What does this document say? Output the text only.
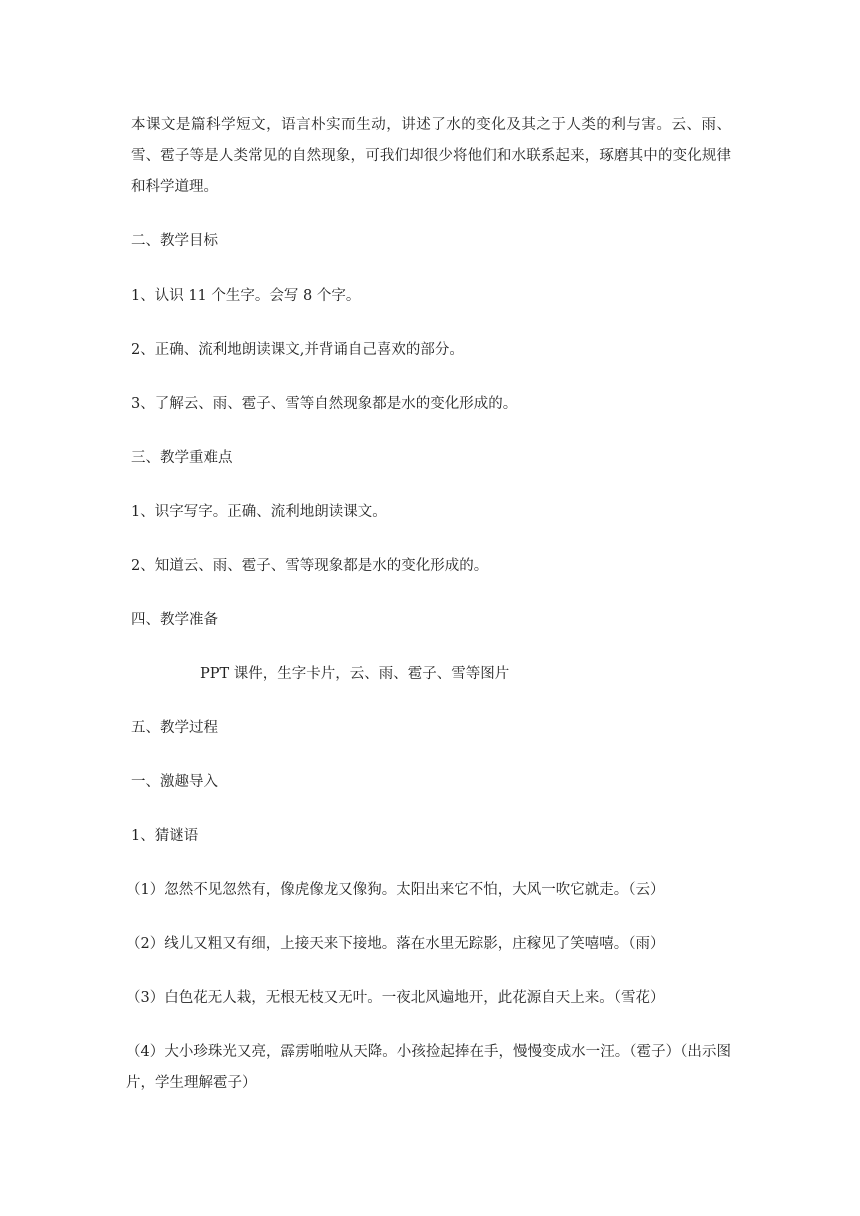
本课文是篇科学短文，语言朴实而生动，讲述了水的变化及其之于人类的利与害。云、雨、雪、雹子等是人类常见的自然现象，可我们却很少将他们和水联系起来，琢磨其中的变化规律和科学道理。
二、教学目标
1、认识 11 个生字。会写 8 个字。
2、正确、流利地朗读课文,并背诵自己喜欢的部分。
3、了解云、雨、雹子、雪等自然现象都是水的变化形成的。
三、教学重难点
1、识字写字。正确、流利地朗读课文。
2、知道云、雨、雹子、雪等现象都是水的变化形成的。
四、教学准备
PPT 课件，生字卡片，云、雨、雹子、雪等图片
五、教学过程
一、激趣导入
1、猜谜语
（1）忽然不见忽然有，像虎像龙又像狗。太阳出来它不怕，大风一吹它就走。（云）
（2）线儿又粗又有细，上接天来下接地。落在水里无踪影，庄稼见了笑嘻嘻。（雨）
（3）白色花无人栽，无根无枝又无叶。一夜北风遍地开，此花源自天上来。（雪花）
（4）大小珍珠光又亮，霹雳啪啦从天降。小孩捡起捧在手，慢慢变成水一汪。（雹子）（出示图片，学生理解雹子）
